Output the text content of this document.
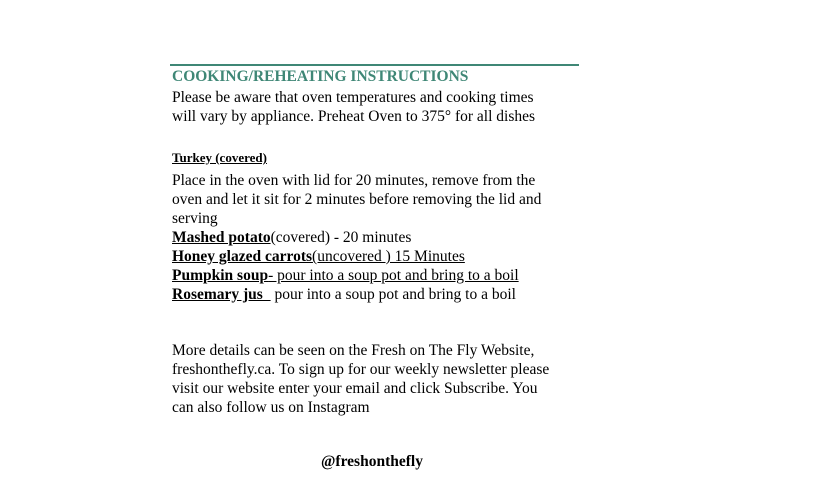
COOKING/REHEATING INSTRUCTIONS
Please be aware that oven temperatures and cooking times
will vary by appliance. Preheat Oven to 375° for all dishes
Turkey (covered)
Place in the oven with lid for 20 minutes, remove from the
oven and let it sit for 2 minutes before removing the lid and
serving
Mashed potato(covered) - 20 minutes
Honey glazed carrots(uncovered ) 15 Minutes
Pumpkin soup- pour into a soup pot and bring to a boil
Rosemary jus   pour into a soup pot and bring to a boil
More details can be seen on the Fresh on The Fly Website,
freshonthefly.ca. To sign up for our weekly newsletter please
visit our website enter your email and click Subscribe. You
can also follow us on Instagram
@freshonthefly
